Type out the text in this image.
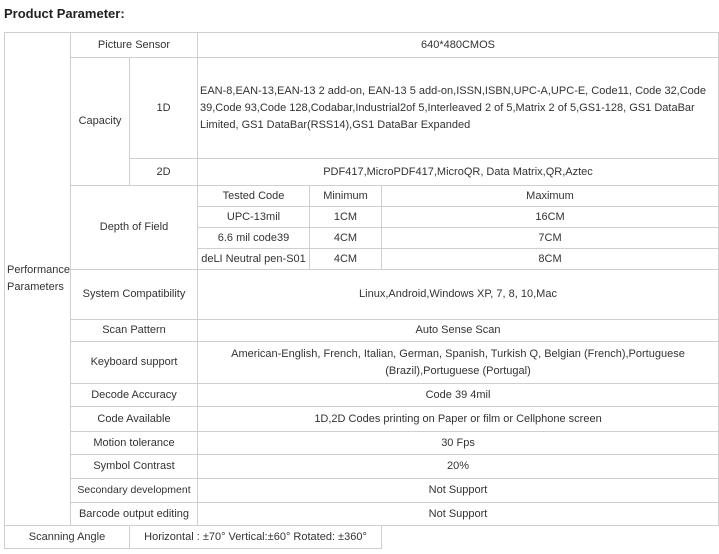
Product Parameter:
Performance Parameters	Picture Sensor		640*480CMOS		
	Capacity	1D	EAN-8,EAN-13,EAN-13 2 add-on, EAN-13 5 add-on,ISSN,ISBN,UPC-A,UPC-E, Code11, Code 32,Code 39,Code 93,Code 128,Codabar,Industrial2of 5,Interleaved 2 of 5,Matrix 2 of 5,GS1-128, GS1 DataBar Limited, GS1 DataBar(RSS14),GS1 DataBar Expanded		
		2D	PDF417,MicroPDF417,MicroQR, Data Matrix,QR,Aztec		
	Depth of Field		Tested Code	Minimum	Maximum
			UPC-13mil	1CM	16CM
			6.6 mil code39	4CM	7CM
			deLI Neutral pen-S01	4CM	8CM
	System Compatibility		Linux,Android,Windows XP, 7, 8, 10,Mac		
	Scan Pattern		Auto Sense Scan		
	Keyboard support		American-English, French, Italian, German, Spanish, Turkish Q, Belgian (French),Portuguese (Brazil),Portuguese (Portugal)		
	Decode Accuracy		Code 39 4mil		
	Code Available		1D,2D Codes printing on Paper or film or Cellphone screen		
	Motion tolerance		30 Fps		
	Symbol Contrast		20%		
	Secondary development		Not Support		
	Barcode output editing		Not Support		
Scanning Angle		Horizontal : ±70° Vertical:±60° Rotated: ±360°			
